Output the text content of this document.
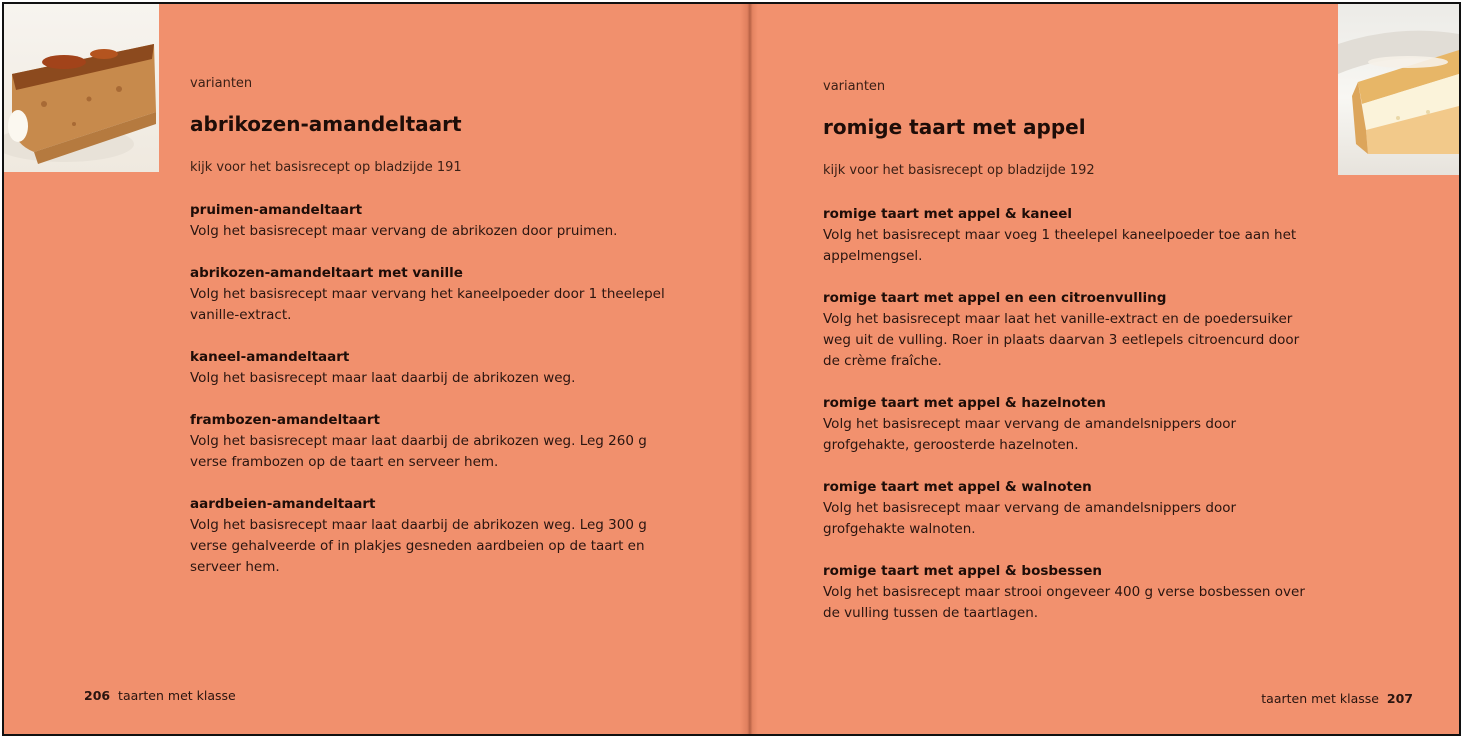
varianten
abrikozen-amandeltaart
kijk voor het basisrecept op bladzijde 191
pruimen-amandeltaart
Volg het basisrecept maar vervang de abrikozen door pruimen.
abrikozen-amandeltaart met vanille
Volg het basisrecept maar vervang het kaneelpoeder door 1 theelepel vanille-extract.
kaneel-amandeltaart
Volg het basisrecept maar laat daarbij de abrikozen weg.
frambozen-amandeltaart
Volg het basisrecept maar laat daarbij de abrikozen weg. Leg 260 g verse frambozen op de taart en serveer hem.
aardbeien-amandeltaart
Volg het basisrecept maar laat daarbij de abrikozen weg. Leg 300 g verse gehalveerde of in plakjes gesneden aardbeien op de taart en serveer hem.
206 taarten met klasse
varianten
romige taart met appel
kijk voor het basisrecept op bladzijde 192
romige taart met appel & kaneel
Volg het basisrecept maar voeg 1 theelepel kaneelpoeder toe aan het appelmengsel.
romige taart met appel en een citroenvulling
Volg het basisrecept maar laat het vanille-extract en de poedersuiker weg uit de vulling. Roer in plaats daarvan 3 eetlepels citroencurd door de crème fraîche.
romige taart met appel & hazelnoten
Volg het basisrecept maar vervang de amandelsnippers door grofgehakte, geroosterde hazelnoten.
romige taart met appel & walnoten
Volg het basisrecept maar vervang de amandelsnippers door grofgehakte walnoten.
romige taart met appel & bosbessen
Volg het basisrecept maar strooi ongeveer 400 g verse bosbessen over de vulling tussen de taartlagen.
taarten met klasse 207
